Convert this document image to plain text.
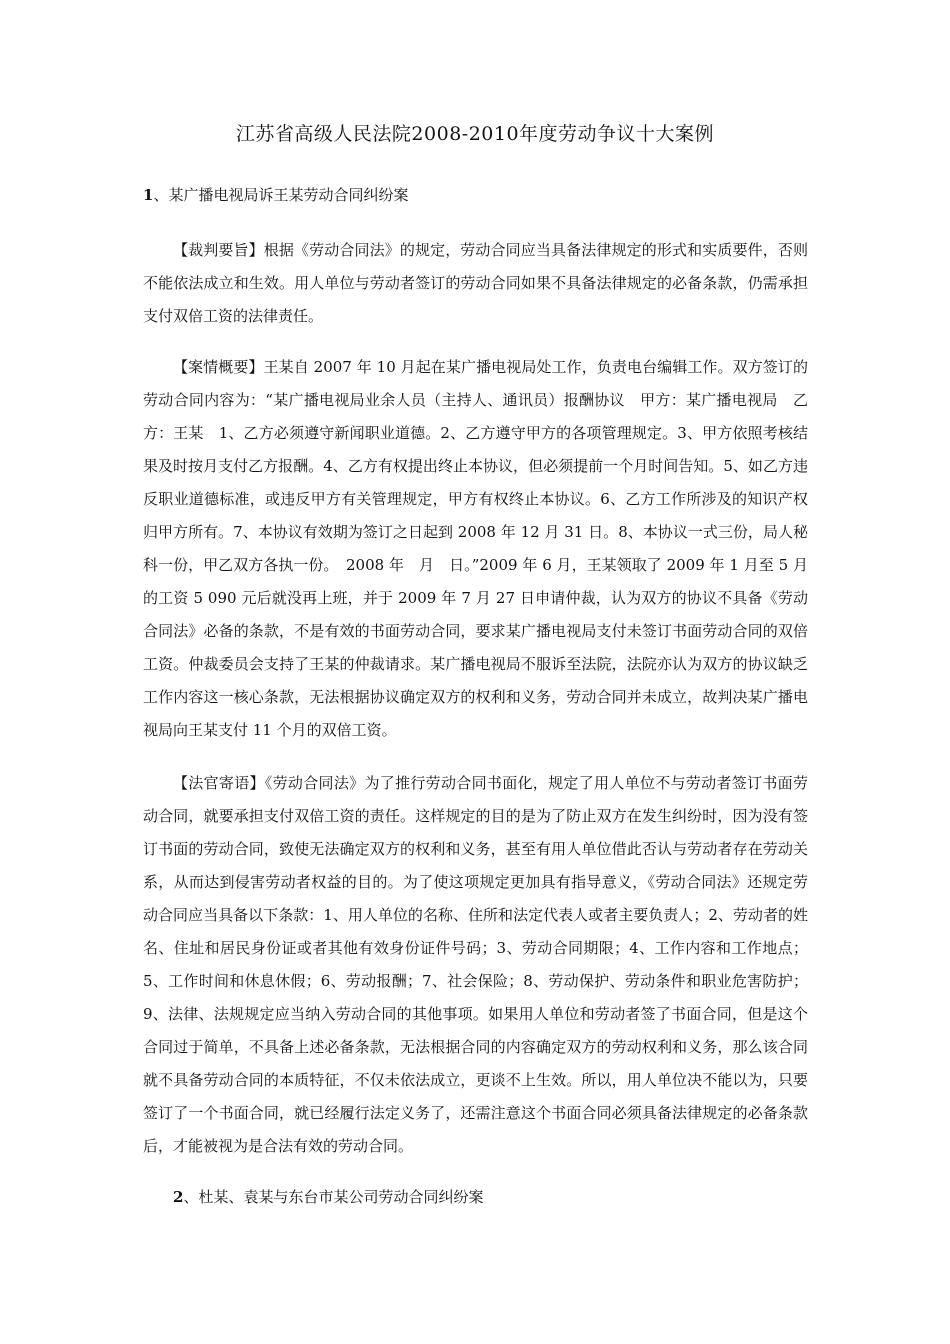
江苏省高级人民法院2008-2010年度劳动争议十大案例
1、某广播电视局诉王某劳动合同纠纷案

【裁判要旨】根据《劳动合同法》的规定，劳动合同应当具备法律规定的形式和实质要件，否则不能依法成立和生效。用人单位与劳动者签订的劳动合同如果不具备法律规定的必备条款，仍需承担支付双倍工资的法律责任。

【案情概要】王某自 2007 年 10 月起在某广播电视局处工作，负责电台编辑工作。双方签订的劳动合同内容为：“某广播电视局业余人员（主持人、通讯员）报酬协议　甲方：某广播电视局　乙方：王某　1、乙方必须遵守新闻职业道德。2、乙方遵守甲方的各项管理规定。3、甲方依照考核结果及时按月支付乙方报酬。4、乙方有权提出终止本协议，但必须提前一个月时间告知。5、如乙方违反职业道德标准，或违反甲方有关管理规定，甲方有权终止本协议。6、乙方工作所涉及的知识产权归甲方所有。7、本协议有效期为签订之日起到 2008 年 12 月 31 日。8、本协议一式三份，局人秘科一份，甲乙双方各执一份。　2008 年　月　日。”2009 年 6 月，王某领取了 2009 年 1 月至 5 月的工资 5 090 元后就没再上班，并于 2009 年 7 月 27 日申请仲裁，认为双方的协议不具备《劳动合同法》必备的条款，不是有效的书面劳动合同，要求某广播电视局支付未签订书面劳动合同的双倍工资。仲裁委员会支持了王某的仲裁请求。某广播电视局不服诉至法院，法院亦认为双方的协议缺乏工作内容这一核心条款，无法根据协议确定双方的权利和义务，劳动合同并未成立，故判决某广播电视局向王某支付 11 个月的双倍工资。

【法官寄语】《劳动合同法》为了推行劳动合同书面化，规定了用人单位不与劳动者签订书面劳动合同，就要承担支付双倍工资的责任。这样规定的目的是为了防止双方在发生纠纷时，因为没有签订书面的劳动合同，致使无法确定双方的权利和义务，甚至有用人单位借此否认与劳动者存在劳动关系，从而达到侵害劳动者权益的目的。为了使这项规定更加具有指导意义，《劳动合同法》还规定劳动合同应当具备以下条款：1、用人单位的名称、住所和法定代表人或者主要负责人；2、劳动者的姓名、住址和居民身份证或者其他有效身份证件号码；3、劳动合同期限；4、工作内容和工作地点；5、工作时间和休息休假；6、劳动报酬；7、社会保险；8、劳动保护、劳动条件和职业危害防护；9、法律、法规规定应当纳入劳动合同的其他事项。如果用人单位和劳动者签了书面合同，但是这个合同过于简单，不具备上述必备条款，无法根据合同的内容确定双方的劳动权利和义务，那么该合同就不具备劳动合同的本质特征，不仅未依法成立，更谈不上生效。所以，用人单位决不能以为，只要签订了一个书面合同，就已经履行法定义务了，还需注意这个书面合同必须具备法律规定的必备条款后，才能被视为是合法有效的劳动合同。

2、杜某、袁某与东台市某公司劳动合同纠纷案
